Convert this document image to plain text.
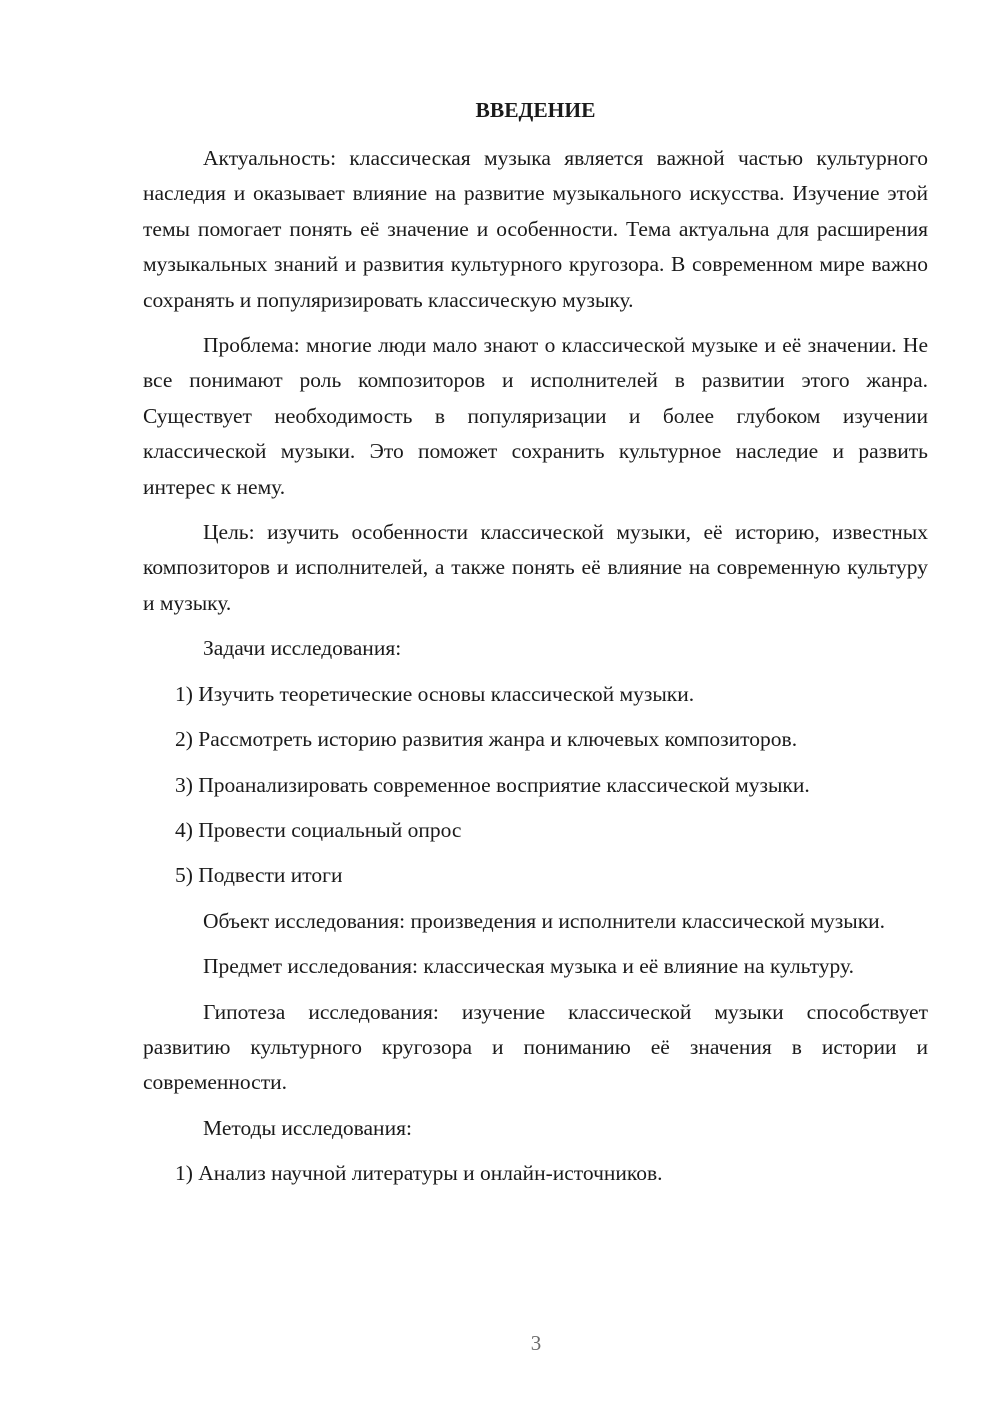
ВВЕДЕНИЕ

Актуальность: классическая музыка является важной частью культурного наследия и оказывает влияние на развитие музыкального искусства. Изучение этой темы помогает понять её значение и особенности. Тема актуальна для расширения музыкальных знаний и развития культурного кругозора. В современном мире важно сохранять и популяризировать классическую музыку.

Проблема: многие люди мало знают о классической музыке и её значении. Не все понимают роль композиторов и исполнителей в развитии этого жанра. Существует необходимость в популяризации и более глубоком изучении классической музыки. Это поможет сохранить культурное наследие и развить интерес к нему.

Цель: изучить особенности классической музыки, её историю, известных композиторов и исполнителей, а также понять её влияние на современную культуру и музыку.

Задачи исследования:

1) Изучить теоретические основы классической музыки.

2) Рассмотреть историю развития жанра и ключевых композиторов.

3) Проанализировать современное восприятие классической музыки.

4) Провести социальный опрос

5) Подвести итоги

Объект исследования: произведения и исполнители классической музыки.

Предмет исследования: классическая музыка и её влияние на культуру.

Гипотеза исследования: изучение классической музыки способствует развитию культурного кругозора и пониманию её значения в истории и современности.

Методы исследования:

1) Анализ научной литературы и онлайн-источников.

3
